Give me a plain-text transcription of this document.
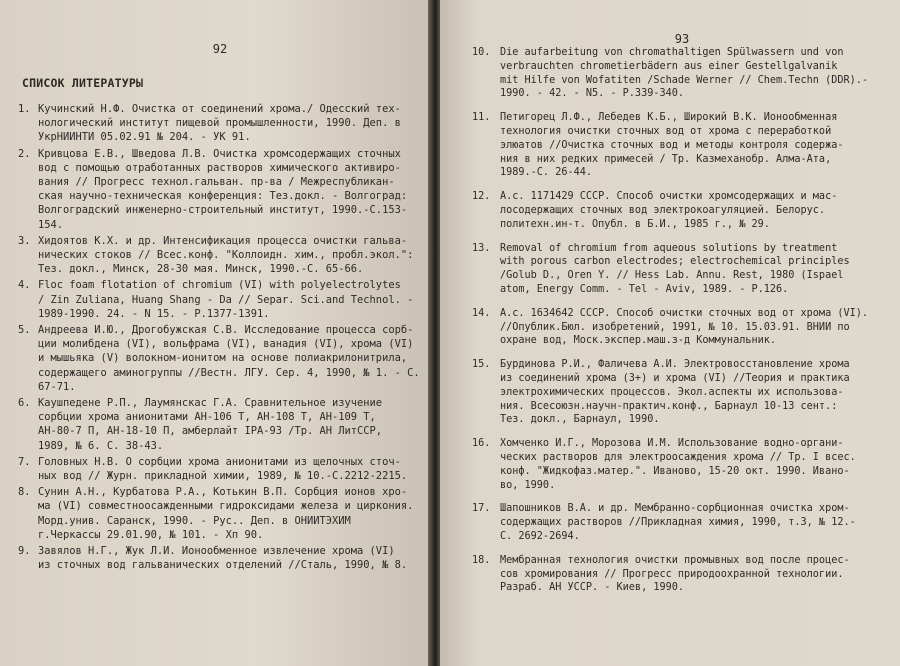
92

СПИСОК ЛИТЕРАТУРЫ
1. Кучинский Н.Ф. Очистка от соединений хрома./ Одесский тех-
нологический институт пищевой промышленности, 1990. Деп. в
УкрНИИНТИ 05.02.91 № 204. - УК 91.
2. Кривцова Е.В., Шведова Л.В. Очистка хромсодержащих сточных
вод с помощью отработанных растворов химического активиро-
вания // Прогресс технол.гальван. пр-ва / Межреспубликан-
ская научно-техническая конференция: Тез.докл. - Волгоград:
Волгоградский инженерно-строительный институт, 1990.-С.153-
154.
3. Хидоятов К.Х. и др. Интенсификация процесса очистки гальва-
нических стоков // Всес.конф. "Коллоидн. хим., пробл.экол.":
Тез. докл., Минск, 28-30 мая. Минск, 1990.-С. 65-66.
4. Floc foam flotation of chromium (VI) with polyelectrolytes
/ Zin Zuliana, Huang Shang - Da // Separ. Sci.and Technol. -
1989-1990. 24. - N 15. - P.1377-1391.
5. Андреева И.Ю., Дрогобужская С.В. Исследование процесса сорб-
ции молибдена (VI), вольфрама (VI), ванадия (VI), хрома (VI)
и мышьяка (V) волокном-ионитом на основе полиакрилонитрила,
содержащего аминогруппы //Вестн. ЛГУ. Сер. 4, 1990, № 1. - С.
67-71.
6. Каушпедене Р.П., Лаумянскас Г.А. Сравнительное изучение
сорбции хрома анионитами АН-106 Т, АН-108 Т, АН-109 Т,
АН-80-7 П, АН-18-10 П, амберлайт IРА-93 /Тр. АН ЛитССР,
1989, № 6. С. 38-43.
7. Головных Н.В. О сорбции хрома анионитами из щелочных сточ-
ных вод // Журн. прикладной химии, 1989, № 10.-С.2212-2215.
8. Сунин А.Н., Курбатова Р.А., Котькин В.П. Сорбция ионов хро-
ма (VI) совместноосажденными гидроксидами железа и циркония.
Морд.унив. Саранск, 1990. - Рус.. Деп. в ОНИИТЭХИМ
г.Черкассы 29.01.90, № 101. - Хп 90.
9. Завялов Н.Г., Жук Л.И. Ионообменное извлечение хрома (VI)
из сточных вод гальванических отделений //Сталь, 1990, № 8.

93

10. Die aufarbeitung von chromathaltigen Spülwassern und von
verbrauchten chrometierbädern aus einer Gestellgalvanik
mit Hilfe von Wofatiten /Schade Werner // Chem.Techn (DDR).-
1990. - 42. - N5. - P.339-340.
11. Петигорец Л.Ф., Лебедев К.Б., Широкий В.К. Ионообменная
технология очистки сточных вод от хрома с переработкой
элюатов //Очистка сточных вод и методы контроля содержа-
ния в них редких примесей / Тр. Казмеханобр. Алма-Ата,
1989.-С. 26-44.
12. А.с. 1171429 СССР. Способ очистки хромсодержащих и мас-
лосодержащих сточных вод электрокоагуляцией. Белорус.
политехн.ин-т. Опубл. в Б.И., 1985 г., № 29.
13. Removal of chromium from aqueous solutions by treatment
with porous carbon electrodes; electrochemical principles
/Golub D., Oren Y. // Hess Lab. Annu. Rest, 1980 (Ispael
atom, Energy Comm. - Tel - Aviv, 1989. - P.126.
14. А.с. 1634642 СССР. Способ очистки сточных вод от хрома (VI).
//Опублик.Бюл. изобретений, 1991, № 10. 15.03.91. ВНИИ по
охране вод, Моск.экспер.маш.з-д Коммунальник.
15. Бурдинова Р.И., Фаличева А.И. Электровосстановление хрома
из соединений хрома (3+) и хрома (VI) //Теория и практика
электрохимических процессов. Экол.аспекты их использова-
ния. Всесоюзн.научн-практич.конф., Барнаул 10-13 сент.:
Тез. докл., Барнаул, 1990.
16. Хомченко И.Г., Морозова И.М. Использование водно-органи-
ческих растворов для электроосаждения хрома // Тр. I всес.
конф. "Жидкофаз.матер.". Иваново, 15-20 окт. 1990. Ивано-
во, 1990.
17. Шапошников В.А. и др. Мембранно-сорбционная очистка хром-
содержащих растворов //Прикладная химия, 1990, т.3, № 12.-
С. 2692-2694.
18. Мембранная технология очистки промывных вод после процес-
сов хромирования // Прогресс природоохранной технологии.
Разраб. АН УССР. - Киев, 1990.
